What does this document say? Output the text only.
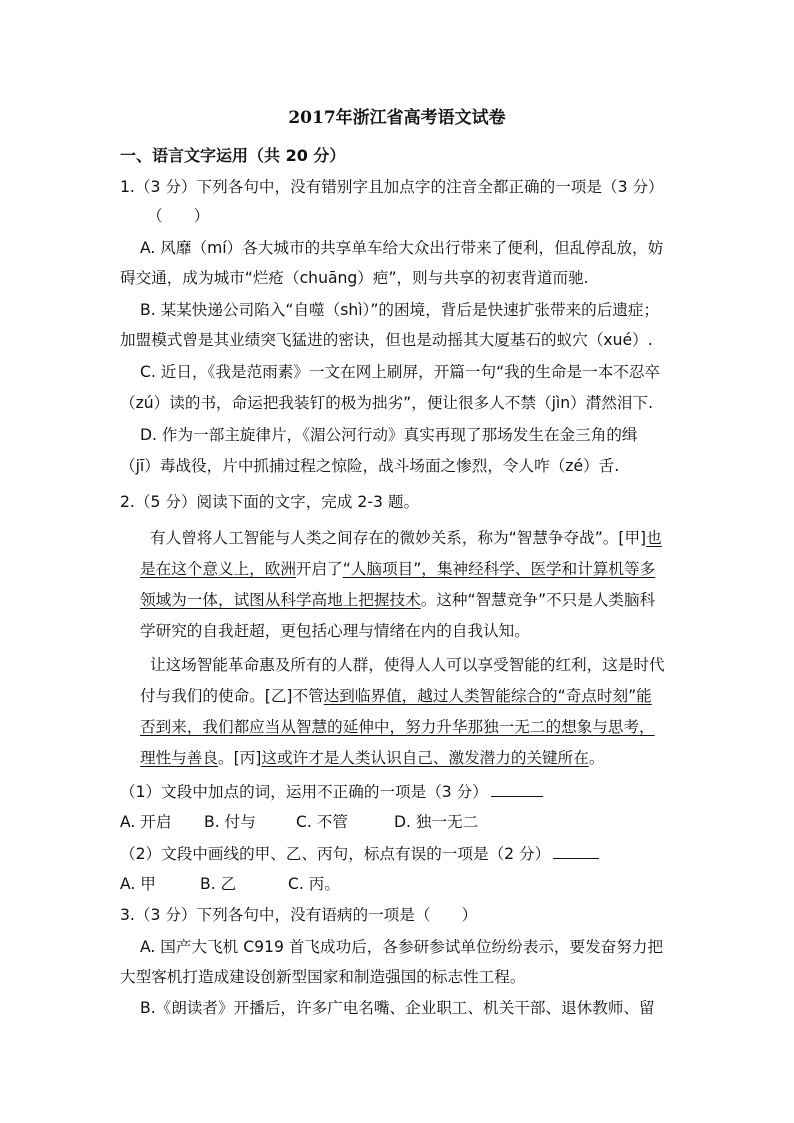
2017年浙江省高考语文试卷
一、语言文字运用（共 20 分）
1.（3 分）下列各句中，没有错别字且加点字的注音全都正确的一项是（3 分）
（　　）
A. 风靡（mí）各大城市的共享单车给大众出行带来了便利，但乱停乱放，妨
碍交通，成为城市“烂疮（chuāng）疤”，则与共享的初衷背道而驰.
B. 某某快递公司陷入“自噬（shì）”的困境，背后是快速扩张带来的后遗症；
加盟模式曾是其业绩突飞猛进的密诀，但也是动摇其大厦基石的蚁穴（xué）.
C. 近日，《我是范雨素》一文在网上刷屏，开篇一句“我的生命是一本不忍卒
（zú）读的书，命运把我装钉的极为拙劣”，便让很多人不禁（jìn）潸然泪下.
D. 作为一部主旋律片，《湄公河行动》真实再现了那场发生在金三角的缉
（jī）毒战役，片中抓捕过程之惊险，战斗场面之惨烈，令人咋（zé）舌.
2.（5 分）阅读下面的文字，完成 2-3 题。
有人曾将人工智能与人类之间存在的微妙关系，称为“智慧争夺战”。[甲]也
是在这个意义上，欧洲开启了“人脑项目”，集神经科学、医学和计算机等多
领域为一体，试图从科学高地上把握技术。这种“智慧竞争”不只是人类脑科
学研究的自我赶超，更包括心理与情绪在内的自我认知。
让这场智能革命惠及所有的人群，使得人人可以享受智能的红利，这是时代
付与我们的使命。[乙]不管达到临界值，越过人类智能综合的“奇点时刻”能
否到来，我们都应当从智慧的延伸中，努力升华那独一无二的想象与思考，
理性与善良。[丙]这或许才是人类认识自己、激发潜力的关键所在。
（1）文段中加点的词，运用不正确的一项是（3 分）
A. 开启 B. 付与	C. 不管	D. 独一无二
（2）文段中画线的甲、乙、丙句，标点有误的一项是（2 分）
A. 甲	B. 乙	C. 丙。
3.（3 分）下列各句中，没有语病的一项是（　　）
A. 国产大飞机 C919 首飞成功后，各参研参试单位纷纷表示，要发奋努力把
大型客机打造成建设创新型国家和制造强国的标志性工程。
B.《朗读者》开播后，许多广电名嘴、企业职工、机关干部、退休教师、留
